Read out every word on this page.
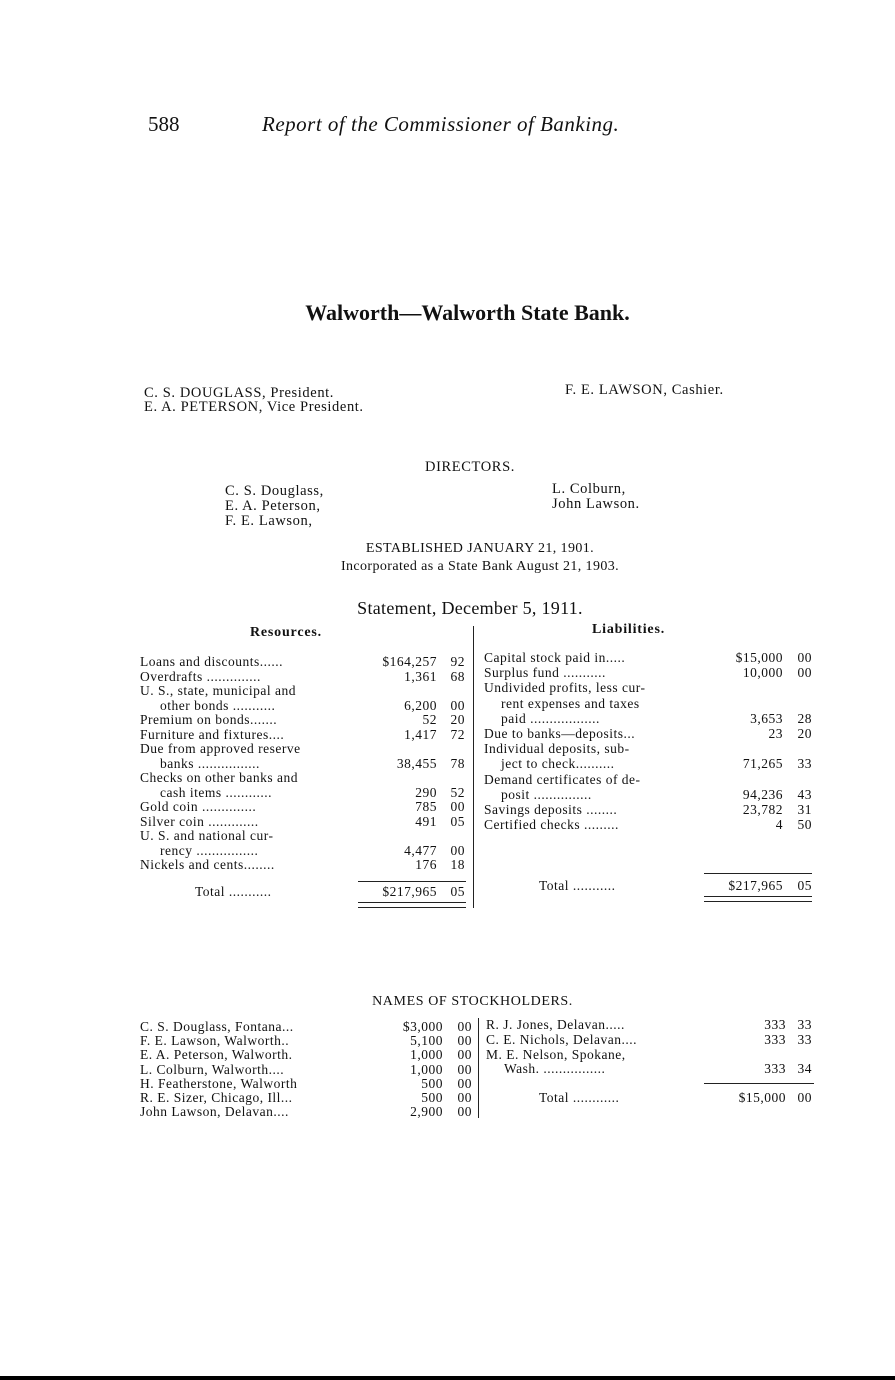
588	Report of the Commissioner of Banking.
Walworth—Walworth State Bank.
C. S. DOUGLASS, President.
E. A. PETERSON, Vice President.
F. E. LAWSON, Cashier.
DIRECTORS.
C. S. Douglass,
E. A. Peterson,
F. E. Lawson,
L. Colburn,
John Lawson.
ESTABLISHED JANUARY 21, 1901.
Incorporated as a State Bank August 21, 1903.
Statement, December 5, 1911.
Resources.	Liabilities.
Loans and discounts......	$164,257 92
Overdrafts ..............	1,361 68
U. S., state, municipal and
other bonds ...........	6,200 00
Premium on bonds.......	52 20
Furniture and fixtures....	1,417 72
Due from approved reserve
banks ................	38,455 78
Checks on other banks and
cash items ............	290 52
Gold coin ..............	785 00
Silver coin .............	491 05
U. S. and national cur-
rency ................	4,477 00
Nickels and cents........	176 18
Total ...........	$217,965 05
Capital stock paid in.....	$15,000 00
Surplus fund ...........	10,000 00
Undivided profits, less cur-
rent expenses and taxes
paid ..................	3,653 28
Due to banks—deposits...	23 20
Individual deposits, sub-
ject to check..........	71,265 33
Demand certificates of de-
posit ...............	94,236 43
Savings deposits ........	23,782 31
Certified checks .........	4 50
Total ...........	$217,965 05
NAMES OF STOCKHOLDERS.
C. S. Douglass, Fontana...	$3,000 00
F. E. Lawson, Walworth..	5,100 00
E. A. Peterson, Walworth.	1,000 00
L. Colburn, Walworth....	1,000 00
H. Featherstone, Walworth	500 00
R. E. Sizer, Chicago, Ill...	500 00
John Lawson, Delavan....	2,900 00
R. J. Jones, Delavan.....	333 33
C. E. Nichols, Delavan....	333 33
M. E. Nelson, Spokane,
Wash. ................	333 34
Total ............	$15,000 00
